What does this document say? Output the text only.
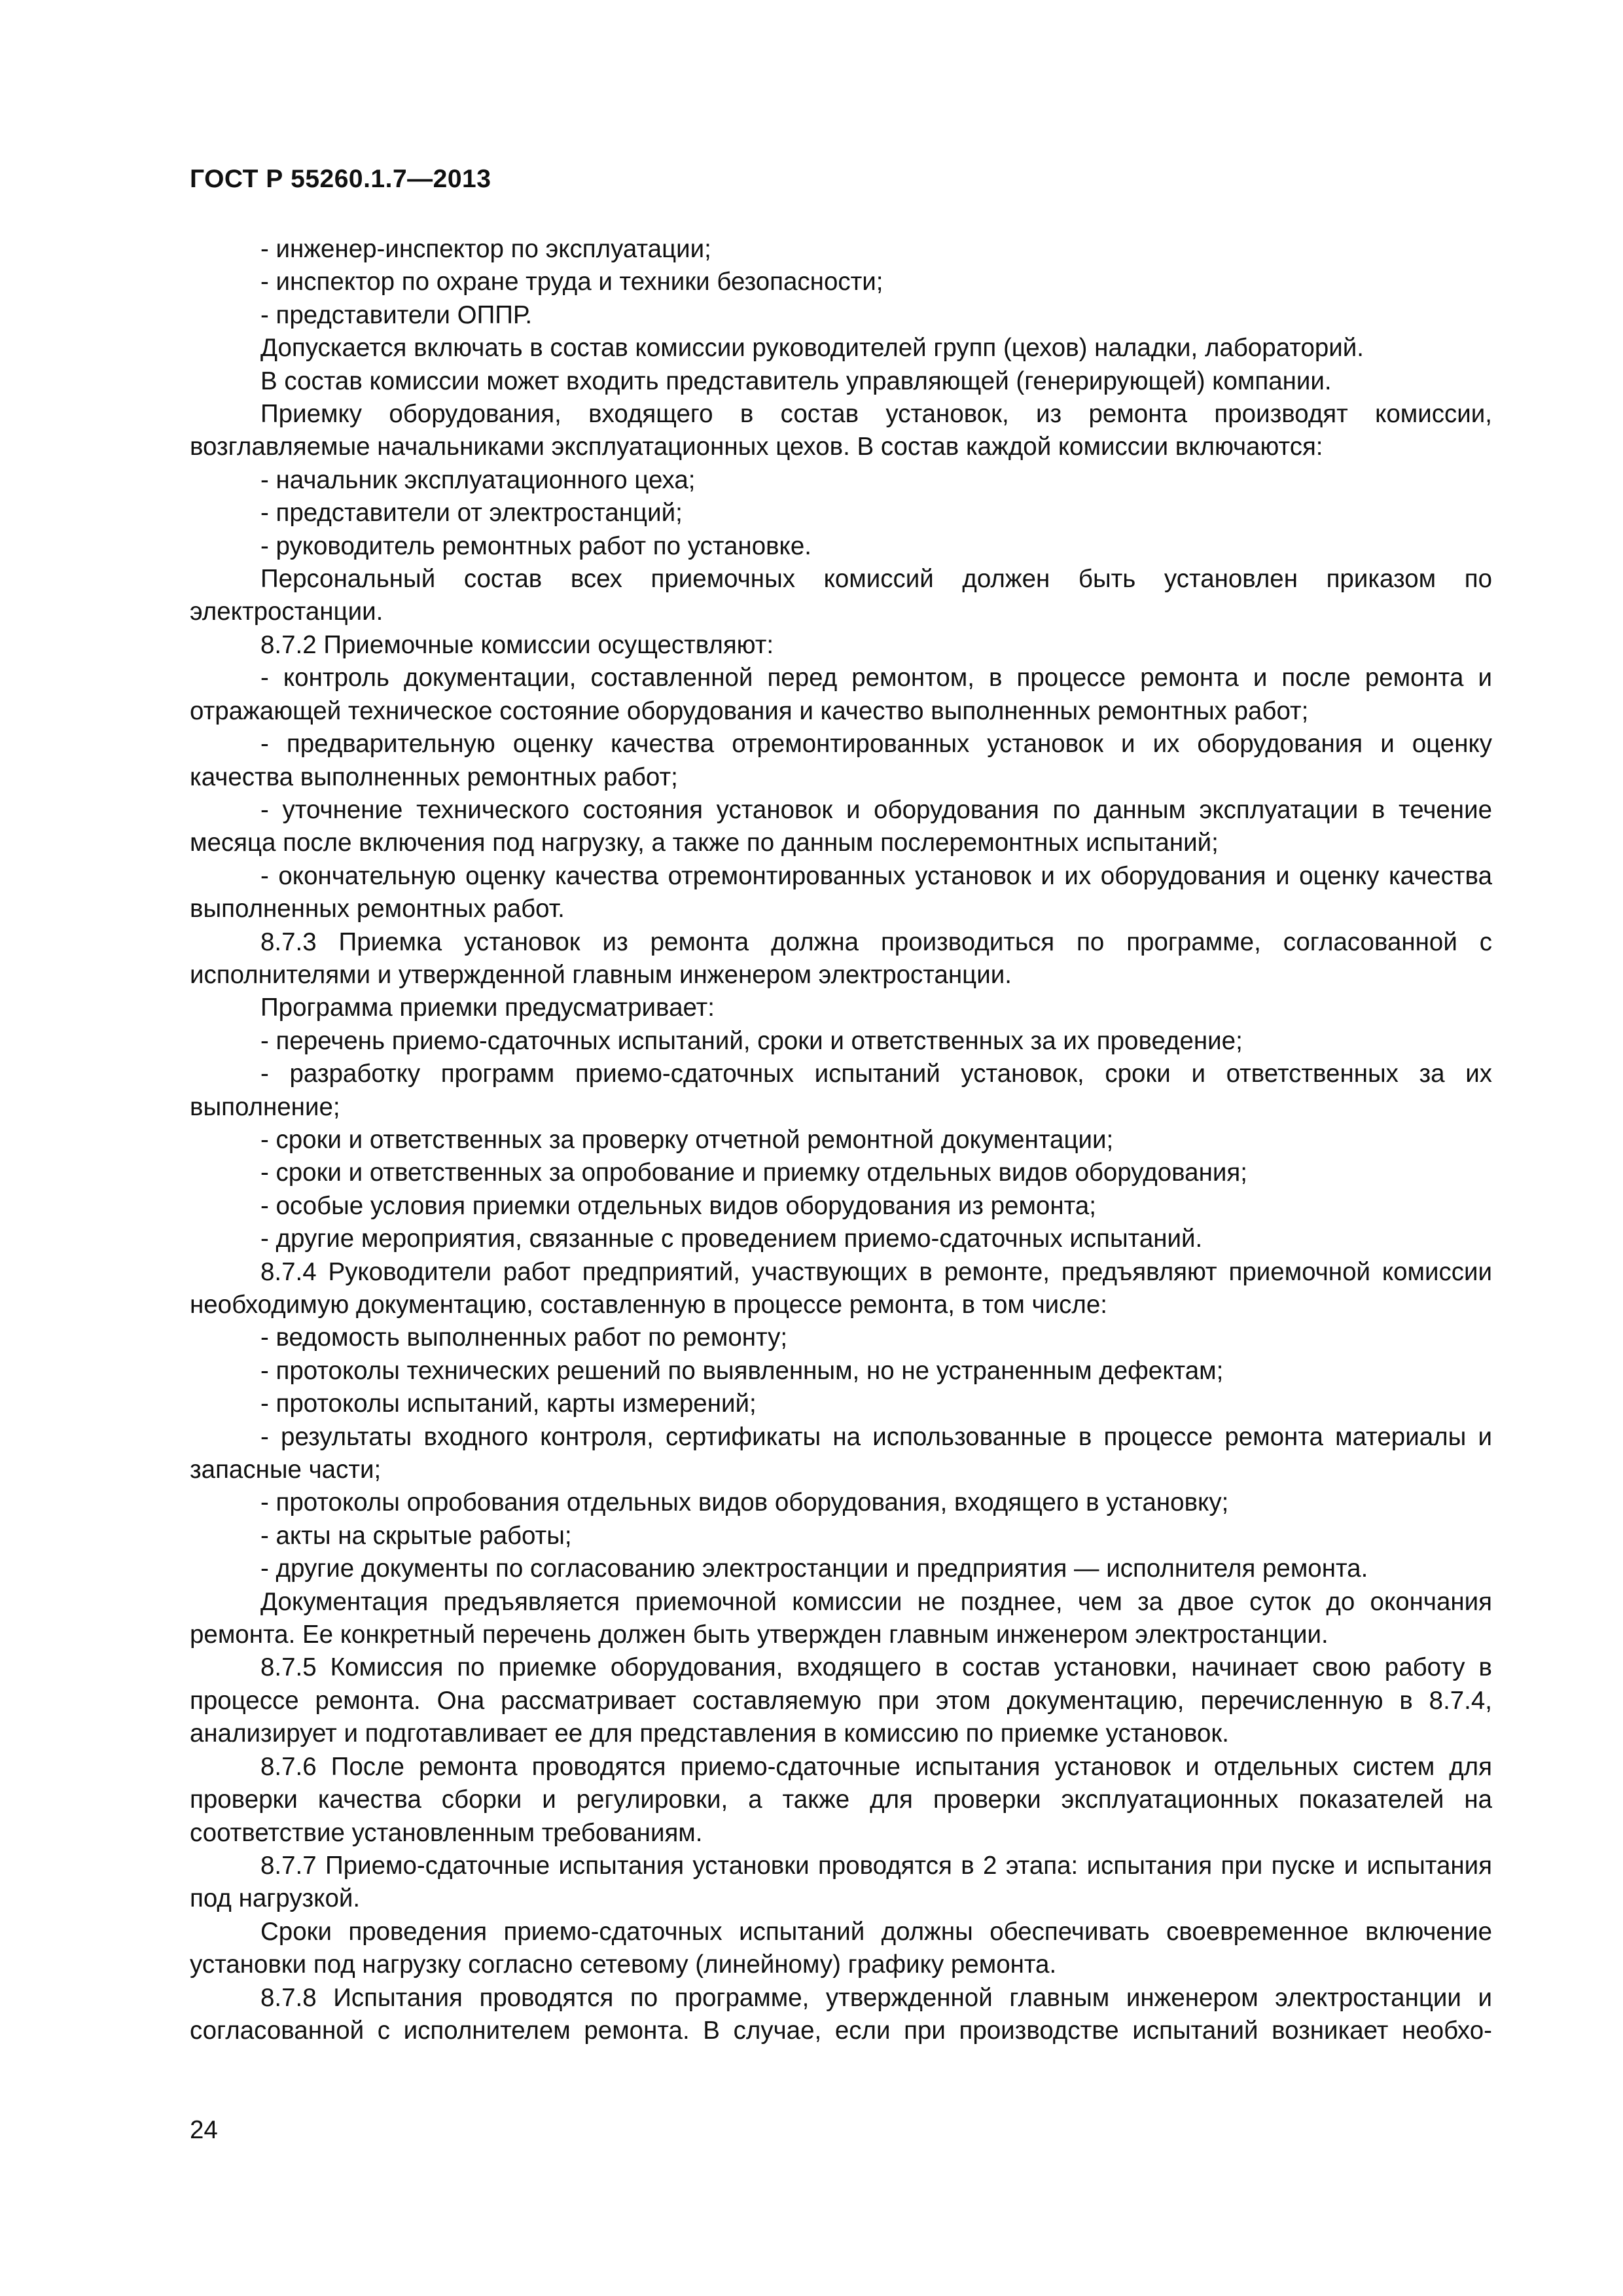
ГОСТ Р 55260.1.7—2013

- инженер-инспектор по эксплуатации;

- инспектор по охране труда и техники безопасности;

- представители ОППР.

Допускается включать в состав комиссии руководителей групп (цехов) наладки, лабораторий.

В состав комиссии может входить представитель управляющей (генерирующей) компании.

Приемку оборудования, входящего в состав установок, из ремонта производят комиссии, возглавляемые начальниками эксплуатационных цехов. В состав каждой комиссии включаются:

- начальник эксплуатационного цеха;

- представители от электростанций;

- руководитель ремонтных работ по установке.

Персональный состав всех приемочных комиссий должен быть установлен приказом по электростанции.

8.7.2 Приемочные комиссии осуществляют:

- контроль документации, составленной перед ремонтом, в процессе ремонта и после ремонта и отражающей техническое состояние оборудования и качество выполненных ремонтных работ;

- предварительную оценку качества отремонтированных установок и их оборудования и оценку качества выполненных ремонтных работ;

- уточнение технического состояния установок и оборудования по данным эксплуатации в течение месяца после включения под нагрузку, а также по данным послеремонтных испытаний;

- окончательную оценку качества отремонтированных установок и их оборудования и оценку качества выполненных ремонтных работ.

8.7.3 Приемка установок из ремонта должна производиться по программе, согласованной с исполнителями и утвержденной главным инженером электростанции.

Программа приемки предусматривает:

- перечень приемо-сдаточных испытаний, сроки и ответственных за их проведение;

- разработку программ приемо-сдаточных испытаний установок, сроки и ответственных за их выполнение;

- сроки и ответственных за проверку отчетной ремонтной документации;

- сроки и ответственных за опробование и приемку отдельных видов оборудования;

- особые условия приемки отдельных видов оборудования из ремонта;

- другие мероприятия, связанные с проведением приемо-сдаточных испытаний.

8.7.4 Руководители работ предприятий, участвующих в ремонте, предъявляют приемочной комиссии необходимую документацию, составленную в процессе ремонта, в том числе:

- ведомость выполненных работ по ремонту;

- протоколы технических решений по выявленным, но не устраненным дефектам;

- протоколы испытаний, карты измерений;

- результаты входного контроля, сертификаты на использованные в процессе ремонта материалы и запасные части;

- протоколы опробования отдельных видов оборудования, входящего в установку;

- акты на скрытые работы;

- другие документы по согласованию электростанции и предприятия — исполнителя ремонта.

Документация предъявляется приемочной комиссии не позднее, чем за двое суток до окончания ремонта. Ее конкретный перечень должен быть утвержден главным инженером электростанции.

8.7.5 Комиссия по приемке оборудования, входящего в состав установки, начинает свою работу в процессе ремонта. Она рассматривает составляемую при этом документацию, перечисленную в 8.7.4, анализирует и подготавливает ее для представления в комиссию по приемке установок.

8.7.6 После ремонта проводятся приемо-сдаточные испытания установок и отдельных систем для проверки качества сборки и регулировки, а также для проверки эксплуатационных показателей на соответствие установленным требованиям.

8.7.7 Приемо-сдаточные испытания установки проводятся в 2 этапа: испытания при пуске и испытания под нагрузкой.

Сроки проведения приемо-сдаточных испытаний должны обеспечивать своевременное включение установки под нагрузку согласно сетевому (линейному) графику ремонта.

8.7.8 Испытания проводятся по программе, утвержденной главным инженером электростанции и согласованной с исполнителем ремонта. В случае, если при производстве испытаний возникает необхо-

24
